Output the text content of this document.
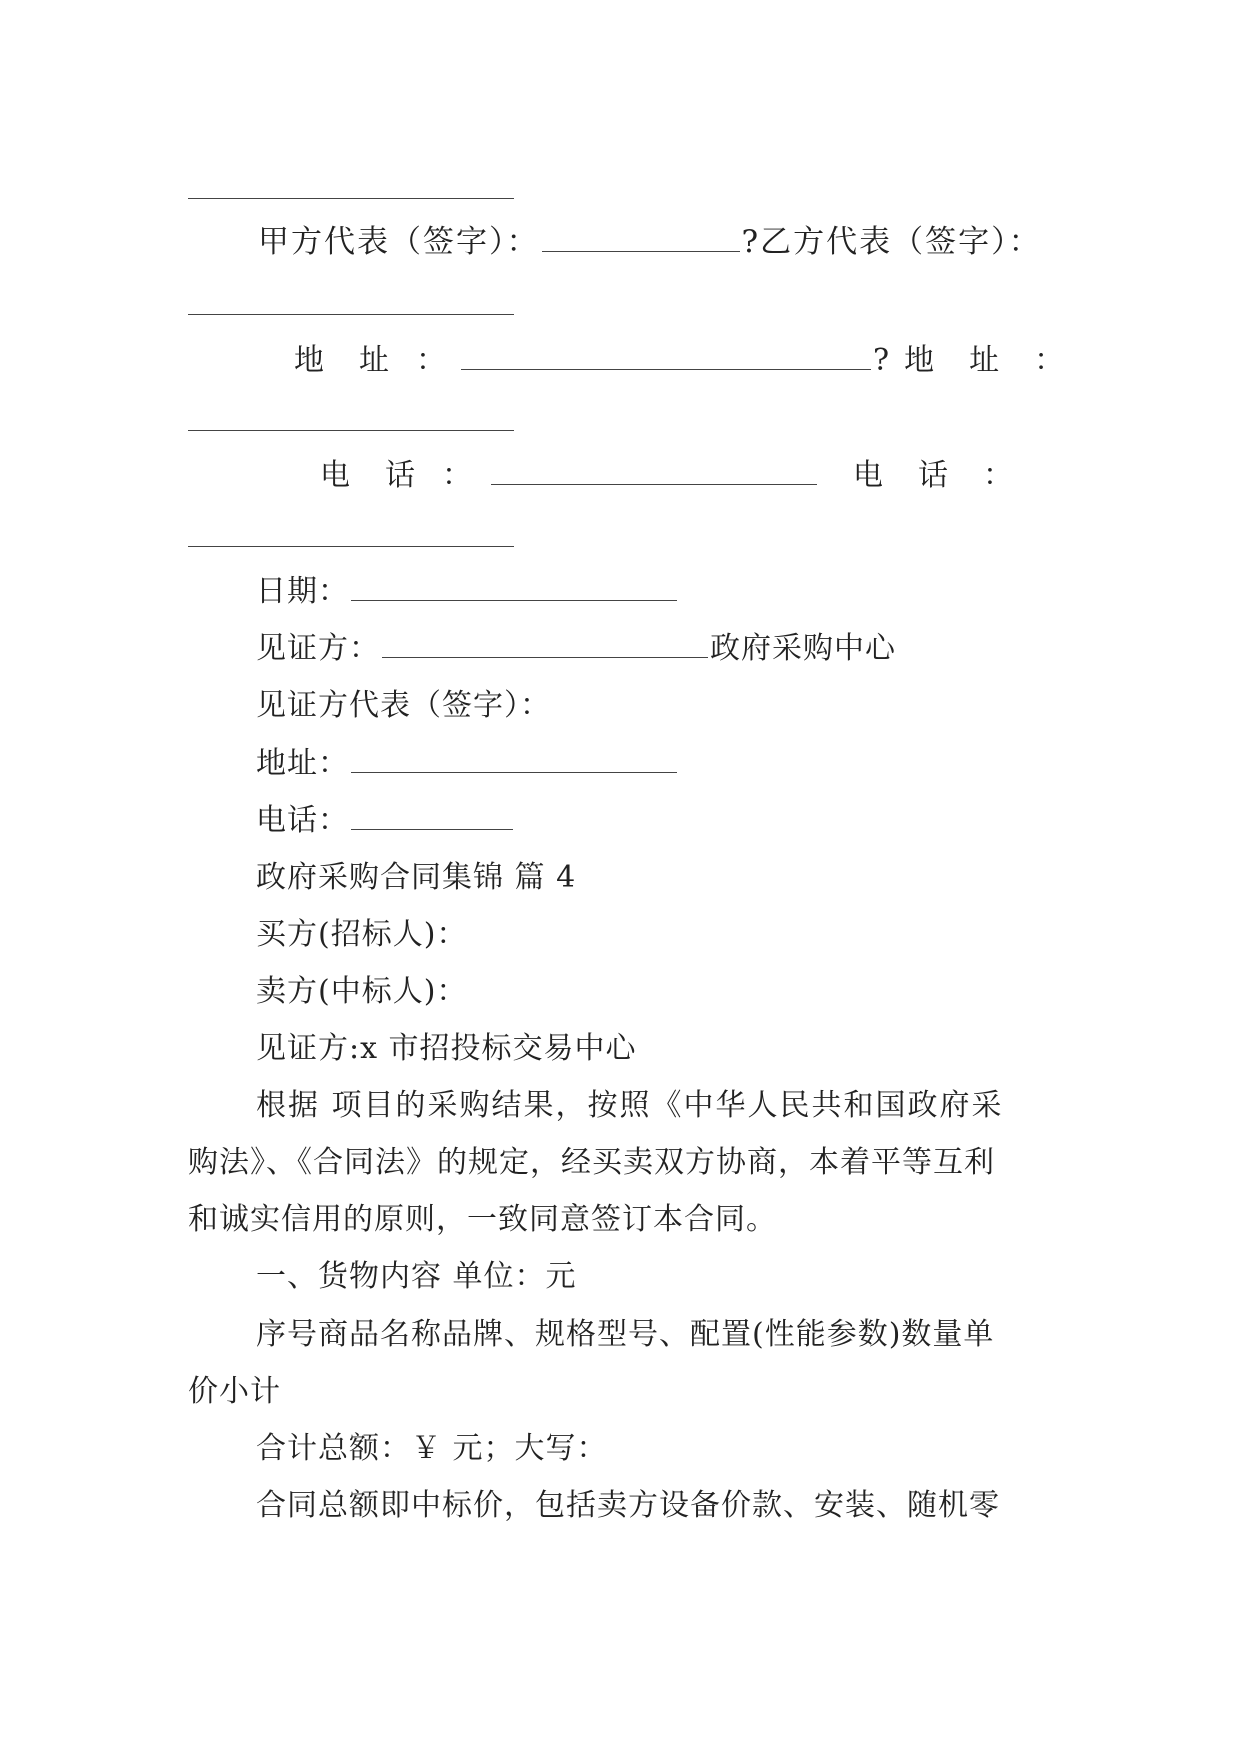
甲方代表（签字）：	?乙方代表（签字）：
地 址 ：	? 地 址 ：
电 话 ：	电 话 ：
日期：
见证方：	政府采购中心
见证方代表（签字）：
地址：
电话：
政府采购合同集锦 篇 4
买方(招标人)：
卖方(中标人)：
见证方:x 市招投标交易中心
根据 项目的采购结果，按照《中华人民共和国政府采
购法》、《合同法》的规定，经买卖双方协商，本着平等互利
和诚实信用的原则，一致同意签订本合同。
一、货物内容 单位：元
序号商品名称品牌、规格型号、配置(性能参数)数量单
价小计
合计总额：￥ 元；大写：
合同总额即中标价，包括卖方设备价款、安装、随机零
